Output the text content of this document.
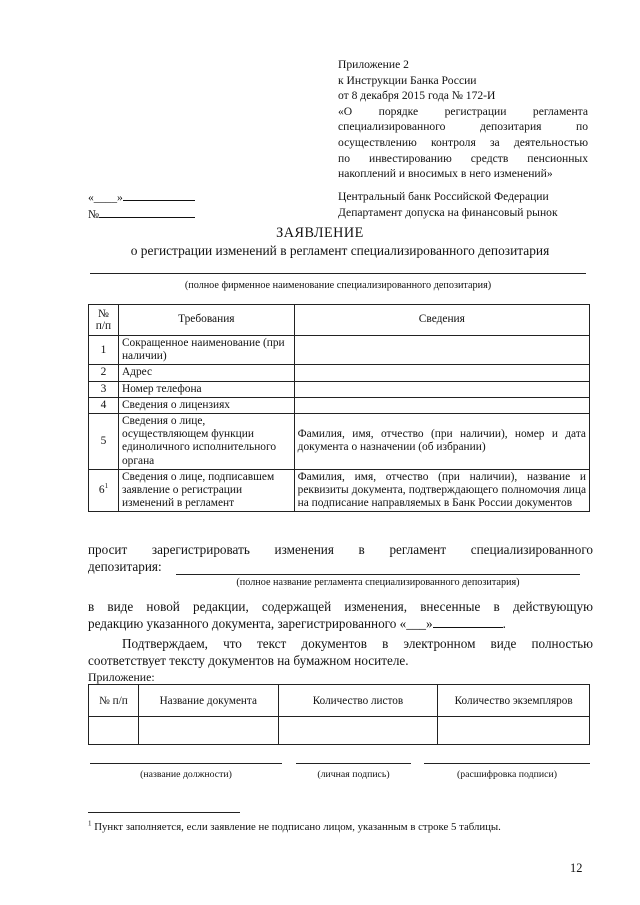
Приложение 2
к Инструкции Банка России
от 8 декабря 2015 года № 172-И
«О порядке регистрации регламента
специализированного депозитария по
осуществлению контроля за деятельностью
по инвестированию средств пенсионных
накоплений и вносимых в него изменений»
«____»
№
Центральный банк Российской Федерации
Департамент допуска на финансовый рынок
ЗАЯВЛЕНИЕ
о регистрации изменений в регламент специализированного депозитария
(полное фирменное наименование специализированного депозитария)
№
п/п	Требования	Сведения
1	Сокращенное наименование (при наличии)	
2	Адрес	
3	Номер телефона	
4	Сведения о лицензиях	
5	Сведения о лице, осуществляющем функции единоличного исполнительного органа	Фамилия, имя, отчество (при наличии), номер и дата документа о назначении (об избрании)
$6^1$	Сведения о лице, подписавшем заявление о регистрации изменений в регламент	Фамилия, имя, отчество (при наличии), название и реквизиты документа, подтверждающего полномочия лица на подписание направляемых в Банк России документов
просит зарегистрировать изменения в регламент специализированного
депозитария:
(полное название регламента специализированного депозитария)
в виде новой редакции, содержащей изменения, внесенные в действующую
редакцию указанного документа, зарегистрированного «___»	.
Подтверждаем, что текст документов в электронном виде полностью
соответствует тексту документов на бумажном носителе.
Приложение:
№ п/п	Название документа	Количество листов	Количество экземпляров

(название должности)	(личная подпись)	(расшифровка подписи)
$^1$ Пункт заполняется, если заявление не подписано лицом, указанным в строке 5 таблицы.
12
